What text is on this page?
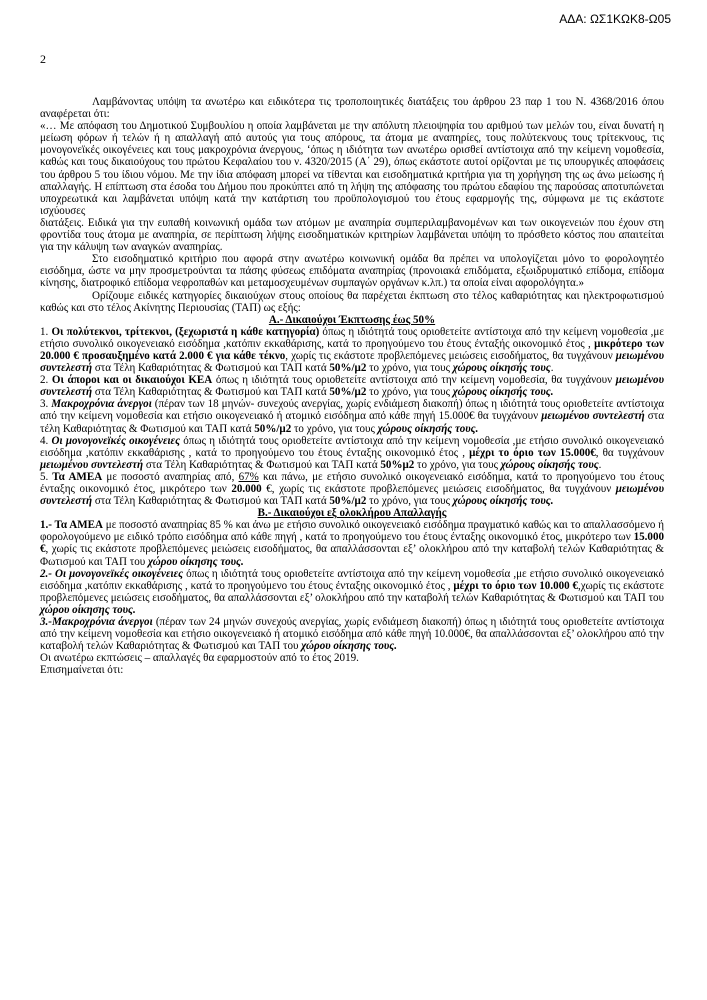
ΑΔΑ: ΩΣ1ΚΩΚ8-Ω05
2

Λαμβάνοντας υπόψη τα ανωτέρω και ειδικότερα τις τροποποιητικές διατάξεις του άρθρου 23 παρ 1 του Ν. 4368/2016 όπου αναφέρεται ότι:

«… Με απόφαση του Δημοτικού Συμβουλίου η οποία λαμβάνεται με την απόλυτη πλειοψηφία του αριθμού των μελών του, είναι δυνατή η μείωση φόρων ή τελών ή η απαλλαγή από αυτούς για τους απόρους, τα άτομα με αναπηρίες, τους πολύτεκνους τους τρίτεκνους, τις μονογονεϊκές οικογένειες και τους μακροχρόνια άνεργους, ‘όπως η ιδιότητα των ανωτέρω ορισθεί αντίστοιχα από την κείμενη νομοθεσία, καθώς και τους δικαιούχους του πρώτου Κεφαλαίου του ν. 4320/2015 (Α΄ 29), όπως εκάστοτε αυτοί ορίζονται με τις υπουργικές αποφάσεις του άρθρου 5 του ίδιου νόμου. Με την ίδια απόφαση μπορεί να τίθενται και εισοδηματικά κριτήρια για τη χορήγηση της ως άνω μείωσης ή απαλλαγής. Η επίπτωση στα έσοδα του Δήμου που προκύπτει από τη λήψη της απόφασης του πρώτου εδαφίου της παρούσας αποτυπώνεται υποχρεωτικά και λαμβάνεται υπόψη κατά την κατάρτιση του προϋπολογισμού του έτους εφαρμογής της, σύμφωνα με τις εκάστοτε ισχύουσες

διατάξεις. Ειδικά για την ευπαθή κοινωνική ομάδα των ατόμων με αναπηρία συμπεριλαμβανομένων και των οικογενειών που έχουν στη φροντίδα τους άτομα με αναπηρία, σε περίπτωση λήψης εισοδηματικών κριτηρίων λαμβάνεται υπόψη το πρόσθετο κόστος που απαιτείται για την κάλυψη των αναγκών αναπηρίας.

Στο εισοδηματικό κριτήριο που αφορά στην ανωτέρω κοινωνική ομάδα θα πρέπει να υπολογίζεται μόνο το φορολογητέο εισόδημα, ώστε να μην προσμετρούνται τα πάσης φύσεως επιδόματα αναπηρίας (προνοιακά επιδόματα, εξωιδρυματικό επίδομα, επίδομα κίνησης, διατροφικό επίδομα νεφροπαθών και μεταμοσχευμένων συμπαγών οργάνων κ.λπ.) τα οποία είναι αφορολόγητα.»

Ορίζουμε ειδικές κατηγορίες δικαιούχων στους οποίους θα παρέχεται έκπτωση στο τέλος καθαριότητας και ηλεκτροφωτισμού καθώς και στο τέλος Ακίνητης Περιουσίας (ΤΑΠ) ως εξής:

Α.- Δικαιούχοι Έκπτωσης έως 50%

1. Οι πολύτεκνοι, τρίτεκνοι, (ξεχωριστά η κάθε κατηγορία) όπως η ιδιότητά τους οριοθετείτε αντίστοιχα από την κείμενη νομοθεσία ,με ετήσιο συνολικό οικογενειακό εισόδημα ,κατόπιν εκκαθάρισης, κατά το προηγούμενο του έτους ένταξής οικονομικό έτος , μικρότερο των 20.000 € προσαυξημένο κατά 2.000 € για κάθε τέκνο, χωρίς τις εκάστοτε προβλεπόμενες μειώσεις εισοδήματος, θα τυγχάνουν μειωμένου συντελεστή στα Τέλη Καθαριότητας & Φωτισμού και ΤΑΠ κατά 50%/μ2 το χρόνο, για τους χώρους οίκησής τους.

2. Οι άποροι και οι δικαιούχοι ΚΕΑ όπως η ιδιότητά τους οριοθετείτε αντίστοιχα από την κείμενη νομοθεσία, θα τυγχάνουν μειωμένου συντελεστή στα Τέλη Καθαριότητας & Φωτισμού και ΤΑΠ κατά 50%/μ2 το χρόνο, για τους χώρους οίκησής τους.

3. Μακροχρόνια άνεργοι (πέραν των 18 μηνών- συνεχούς ανεργίας, χωρίς ενδιάμεση διακοπή) όπως η ιδιότητά τους οριοθετείτε αντίστοιχα από την κείμενη νομοθεσία και ετήσιο οικογενειακό ή ατομικό εισόδημα από κάθε πηγή 15.000€ θα τυγχάνουν μειωμένου συντελεστή στα τέλη Καθαριότητας & Φωτισμού και ΤΑΠ κατά 50%/μ2 το χρόνο, για τους χώρους οίκησής τους.

4. Οι μονογονεϊκές οικογένειες όπως η ιδιότητά τους οριοθετείτε αντίστοιχα από την κείμενη νομοθεσία ,με ετήσιο συνολικό οικογενειακό εισόδημα ,κατόπιν εκκαθάρισης , κατά το προηγούμενο του έτους ένταξης οικονομικό έτος , μέχρι το όριο των 15.000€, θα τυγχάνουν μειωμένου συντελεστή στα Τέλη Καθαριότητας & Φωτισμού και ΤΑΠ κατά 50%μ2 το χρόνο, για τους χώρους οίκησής τους.

5. Τα ΑΜΕΑ με ποσοστό αναπηρίας από, 67% και πάνω, με ετήσιο συνολικό οικογενειακό εισόδημα, κατά το προηγούμενο του έτους ένταξης οικονομικό έτος, μικρότερο των 20.000 €, χωρίς τις εκάστοτε προβλεπόμενες μειώσεις εισοδήματος, θα τυγχάνουν μειωμένου συντελεστή στα Τέλη Καθαριότητας & Φωτισμού και ΤΑΠ κατά 50%/μ2 το χρόνο, για τους χώρους οίκησής τους.

Β.- Δικαιούχοι εξ ολοκλήρου Απαλλαγής

1.- Τα ΑΜΕΑ με ποσοστό αναπηρίας 85 % και άνω με ετήσιο συνολικό οικογενειακό εισόδημα πραγματικό καθώς και το απαλλασσόμενο ή φορολογούμενο με ειδικό τρόπο εισόδημα από κάθε πηγή , κατά το προηγούμενο του έτους ένταξης οικονομικό έτος, μικρότερο των 15.000 €, χωρίς τις εκάστοτε προβλεπόμενες μειώσεις εισοδήματος, θα απαλλάσσονται εξ’ ολοκλήρου από την καταβολή τελών Καθαριότητας & Φωτισμού και ΤΑΠ του χώρου οίκησης τους.

2.- Οι μονογονεϊκές οικογένειες όπως η ιδιότητά τους οριοθετείτε αντίστοιχα από την κείμενη νομοθεσία ,με ετήσιο συνολικό οικογενειακό εισόδημα ,κατόπιν εκκαθάρισης , κατά το προηγούμενο του έτους ένταξης οικονομικό έτος , μέχρι το όριο των 10.000 €,χωρίς τις εκάστοτε προβλεπόμενες μειώσεις εισοδήματος, θα απαλλάσσονται εξ’ ολοκλήρου από την καταβολή τελών Καθαριότητας & Φωτισμού και ΤΑΠ του χώρου οίκησης τους.

3.-Μακροχρόνια άνεργοι (πέραν των 24 μηνών συνεχούς ανεργίας, χωρίς ενδιάμεση διακοπή) όπως η ιδιότητά τους οριοθετείτε αντίστοιχα από την κείμενη νομοθεσία και ετήσιο οικογενειακό ή ατομικό εισόδημα από κάθε πηγή 10.000€, θα απαλλάσσονται εξ’ ολοκλήρου από την καταβολή τελών Καθαριότητας & Φωτισμού και ΤΑΠ του χώρου οίκησης τους.

Οι ανωτέρω εκπτώσεις – απαλλαγές θα εφαρμοστούν από το έτος 2019.

Επισημαίνεται ότι:
